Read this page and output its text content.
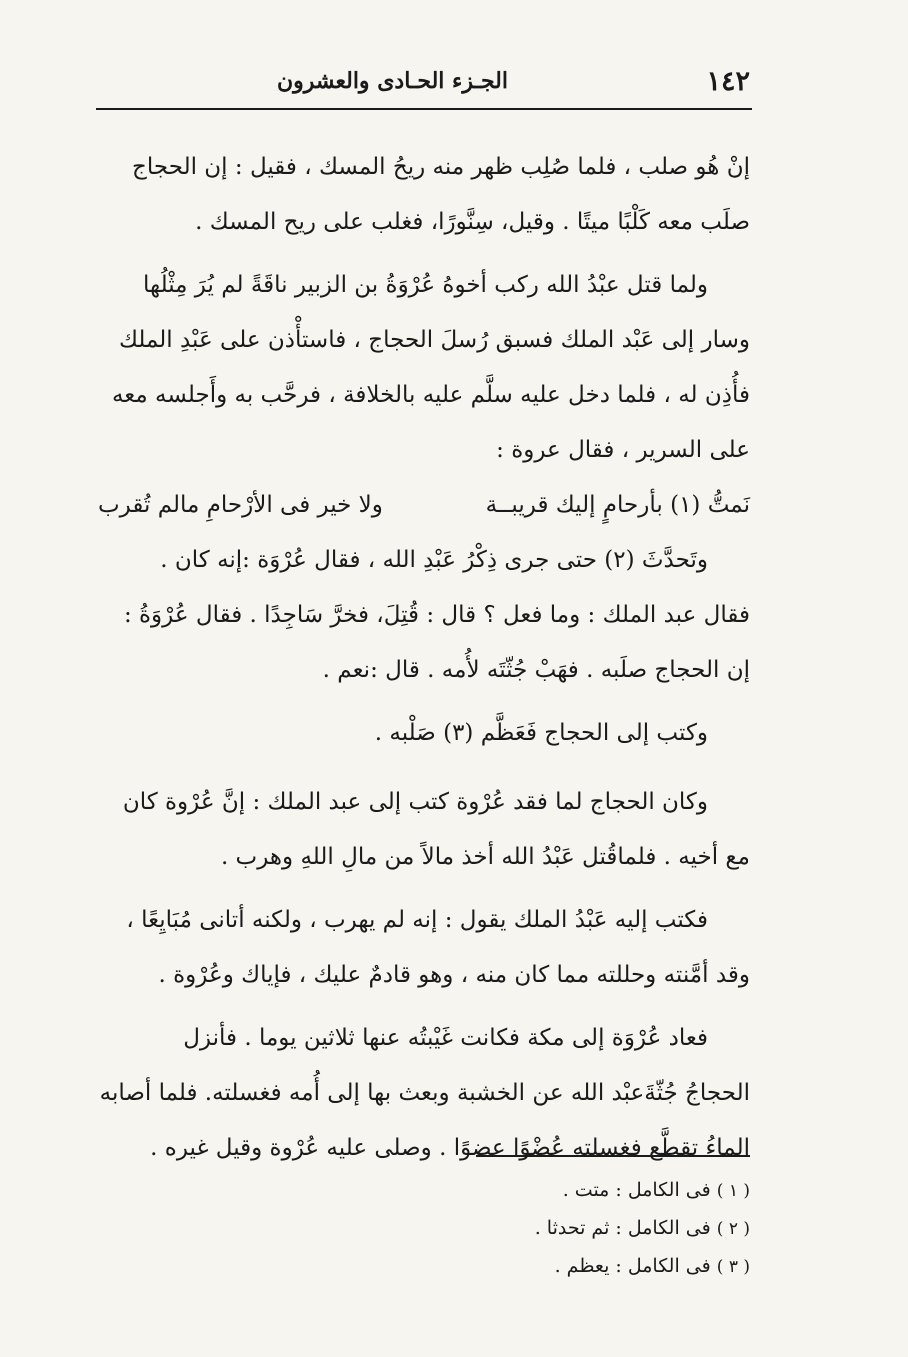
١٤٢
الجـزء الحـادى والعشرون

إنْ هُو صلب ، فلما صُلِب ظهر منه ريحُ المسك ، فقيل : إن الحجاج

صلَب معه كَلْبًا ميتًا . وقيل، سِنَّورًا، فغلب على ريح المسك .

ولما قتل عبْدُ الله ركب أخوهُ عُرْوَةُ بن الزبير ناقَةً لم يُرَ مِثْلُها

وسار إلى عَبْد الملك فسبق رُسلَ الحجاج ، فاستأْذن على عَبْدِ الملك

فأُذِن له ، فلما دخل عليه سلَّم عليه بالخلافة ، فرحَّب به وأَجلسه معه

على السرير ، فقال عروة :

نَمتُّ (١) بأرحامٍ إليك قريبــة
ولا خير فى الأرْحامِ مالم تُقرب

وتَحدَّثَ (٢) حتى جرى ذِكْرُ عَبْدِ الله ، فقال عُرْوَة :إنه كان .

فقال عبد الملك : وما فعل ؟ قال : قُتِلَ، فخرَّ سَاجِدًا . فقال عُرْوَةُ :

إن الحجاج صلَبه . فهَبْ جُثّتَه لأُمه . قال :نعم .

وكتب إلى الحجاج فَعَظَّم (٣) صَلْبه .

وكان الحجاج لما فقد عُرْوة كتب إلى عبد الملك : إنَّ عُرْوة كان

مع أخيه . فلماقُتل عَبْدُ الله أخذ مالاً من مالِ اللهِ وهرب .

فكتب إليه عَبْدُ الملك يقول : إنه لم يهرب ، ولكنه أتانى مُبَايِعًا ،

وقد أمَّنته وحللته مما كان منه ، وهو قادمٌ عليك ، فإياك وعُرْوة .

فعاد عُرْوَة إلى مكة فكانت غَيْبتُه عنها ثلاثين يوما . فأنزل

الحجاجُ جُثّةَعبْد الله عن الخشبة وبعث بها إلى أُمه فغسلته. فلما أصابه

الماءُ تقطَّع فغسلته عُضْوًا عضوًا . وصلى عليه عُرْوة وقيل غيره .

( ١ ) فى الكامل : متت .

( ٢ ) فى الكامل : ثم تحدثا .

( ٣ ) فى الكامل : يعظم .
